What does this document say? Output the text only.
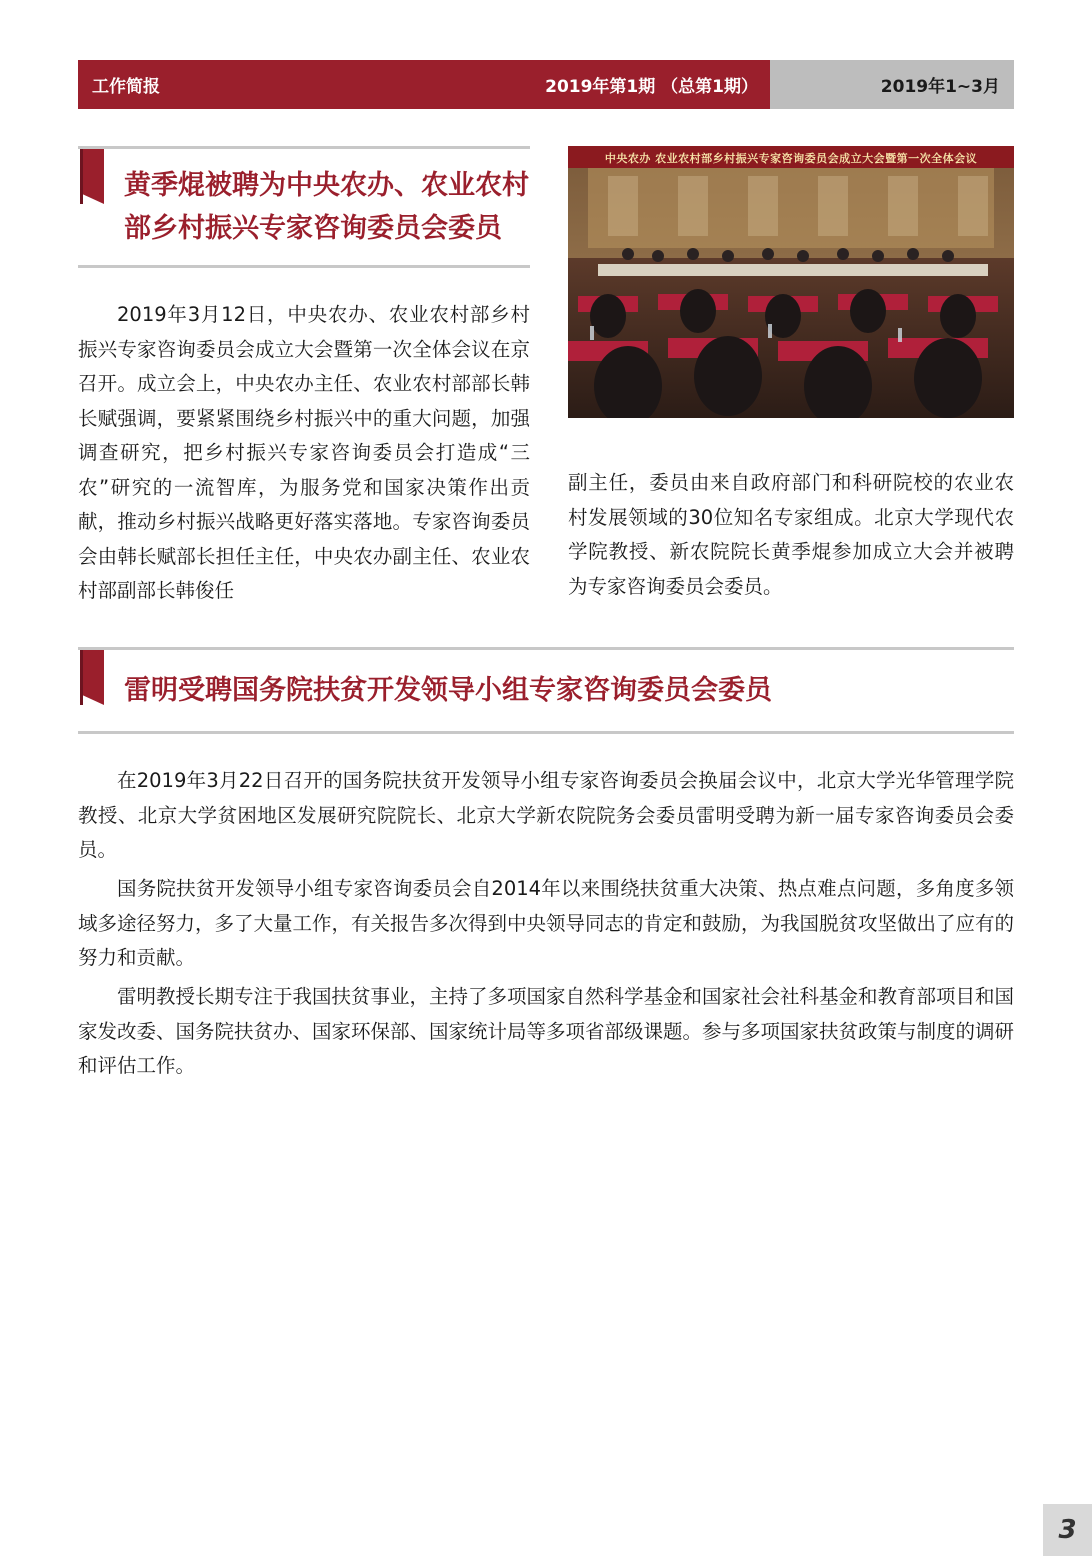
工作简报	2019年第1期 （总第1期）	2019年1~3月
黄季焜被聘为中央农办、农业农村
部乡村振兴专家咨询委员会委员
中央农办 农业农村部乡村振兴专家咨询委员会成立大会暨第一次全体会议

2019年3月12日，中央农办、农业农村部乡村振兴专家咨询委员会成立大会暨第一次全体会议在京召开。成立会上，中央农办主任、农业农村部部长韩长赋强调，要紧紧围绕乡村振兴中的重大问题，加强调查研究，把乡村振兴专家咨询委员会打造成“三农”研究的一流智库，为服务党和国家决策作出贡献，推动乡村振兴战略更好落实落地。专家咨询委员会由韩长赋部长担任主任，中央农办副主任、农业农村部副部长韩俊任

副主任，委员由来自政府部门和科研院校的农业农村发展领域的30位知名专家组成。北京大学现代农学院教授、新农院院长黄季焜参加成立大会并被聘为专家咨询委员会委员。

雷明受聘国务院扶贫开发领导小组专家咨询委员会委员

在2019年3月22日召开的国务院扶贫开发领导小组专家咨询委员会换届会议中，北京大学光华管理学院教授、北京大学贫困地区发展研究院院长、北京大学新农院院务会委员雷明受聘为新一届专家咨询委员会委员。

国务院扶贫开发领导小组专家咨询委员会自2014年以来围绕扶贫重大决策、热点难点问题，多角度多领域多途径努力，多了大量工作，有关报告多次得到中央领导同志的肯定和鼓励，为我国脱贫攻坚做出了应有的努力和贡献。

雷明教授长期专注于我国扶贫事业，主持了多项国家自然科学基金和国家社会社科基金和教育部项目和国家发改委、国务院扶贫办、国家环保部、国家统计局等多项省部级课题。参与多项国家扶贫政策与制度的调研和评估工作。

3
